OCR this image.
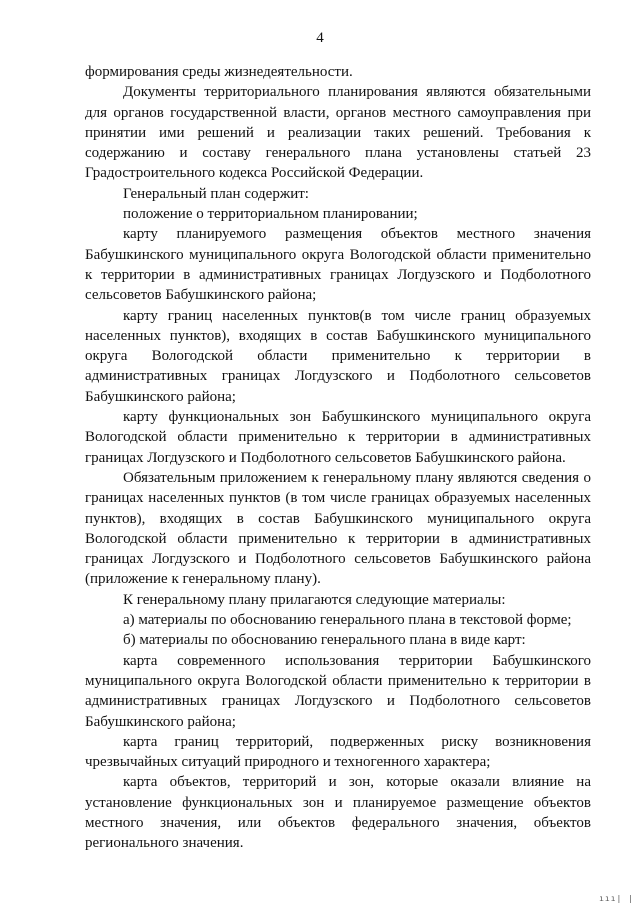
4

формирования среды жизнедеятельности.

Документы территориального планирования являются обязательными для органов государственной власти, органов местного самоуправления при принятии ими решений и реализации таких решений. Требования к содержанию и составу генерального плана установлены статьей 23 Градостроительного кодекса Российской Федерации.

Генеральный план содержит:

положение о территориальном планировании;

карту планируемого размещения объектов местного значения Бабушкинского муниципального округа Вологодской области применительно к территории в административных границах Логдузского и Подболотного сельсоветов Бабушкинского района;

карту границ населенных пунктов(в том числе границ образуемых населенных пунктов), входящих в состав Бабушкинского муниципального округа Вологодской области применительно к территории в административных границах Логдузского и Подболотного сельсоветов Бабушкинского района;

карту функциональных зон Бабушкинского муниципального округа Вологодской области применительно к территории в административных границах Логдузского и Подболотного сельсоветов Бабушкинского района.

Обязательным приложением к генеральному плану являются сведения о границах населенных пунктов (в том числе границах образуемых населенных пунктов), входящих в состав Бабушкинского муниципального округа Вологодской области применительно к территории в административных границах Логдузского и Подболотного сельсоветов Бабушкинского района (приложение к генеральному плану).

К генеральному плану прилагаются следующие материалы:

а) материалы по обоснованию генерального плана в текстовой форме;

б) материалы по обоснованию генерального плана в виде карт:

карта современного использования территории Бабушкинского муниципального округа Вологодской области применительно к территории в административных границах Логдузского и Подболотного сельсоветов Бабушкинского района;

карта границ территорий, подверженных риску возникновения чрезвычайных ситуаций природного и техногенного характера;

карта объектов, территорий и зон, которые оказали влияние на установление функциональных зон и планируемое размещение объектов местного значения, или объектов федерального значения, объектов регионального значения.

ııı| |
